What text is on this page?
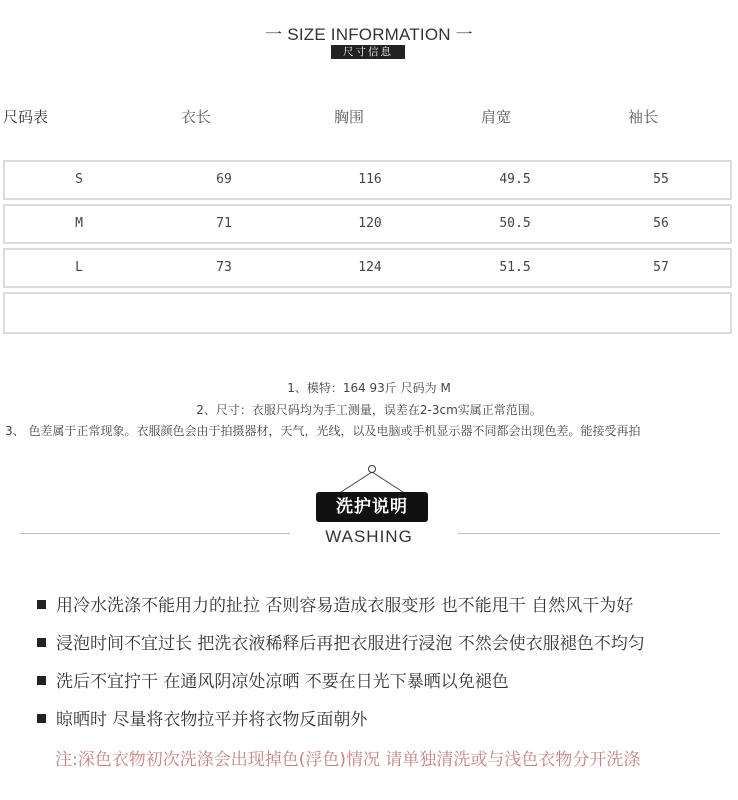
一 SIZE INFORMATION 一
尺寸信息
尺码表	衣长	胸围	肩宽	袖长
S	69	116	49.5	55
M	71	120	50.5	56
L	73	124	51.5	57
1、模特：164 93斤 尺码为 M
2、尺寸：衣服尺码均为手工测量，误差在2-3cm实属正常范围。
3、 色差属于正常现象。衣服颜色会由于拍摄器材，天气，光线，以及电脑或手机显示器不同都会出现色差。能接受再拍
洗护说明
WASHING
用冷水洗涤不能用力的扯拉 否则容易造成衣服变形 也不能甩干 自然风干为好
浸泡时间不宜过长 把洗衣液稀释后再把衣服进行浸泡 不然会使衣服褪色不均匀
洗后不宜拧干 在通风阴凉处凉晒 不要在日光下暴晒以免褪色
晾晒时 尽量将衣物拉平并将衣物反面朝外
注:深色衣物初次洗涤会出现掉色(浮色)情况 请单独清洗或与浅色衣物分开洗涤
